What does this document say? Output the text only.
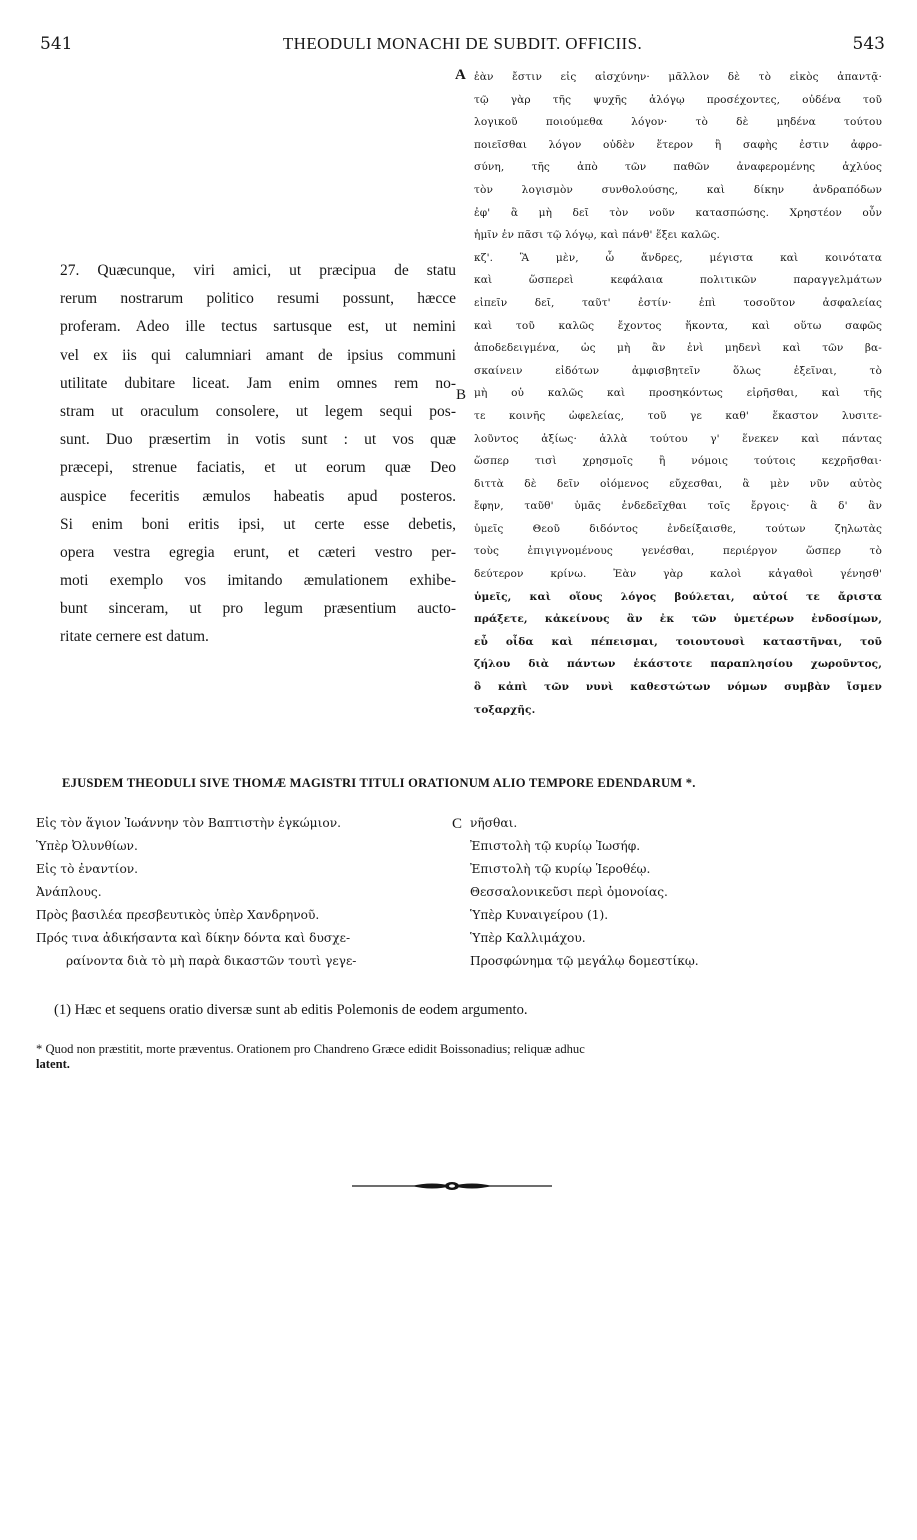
541	THEODULI MONACHI DE SUBDIT. OFFICIIS.	543
A
B
C
27. Quæcunque, viri amici, ut præcipua de statu
rerum nostrarum politico resumi possunt, hæcce
proferam. Adeo ille tectus sartusque est, ut nemini
vel ex iis qui calumniari amant de ipsius communi
utilitate dubitare liceat. Jam enim omnes rem no-
stram ut oraculum consolere, ut legem sequi pos-
sunt. Duo præsertim in votis sunt : ut vos quæ
præcepi, strenue faciatis, et ut eorum quæ Deo
auspice feceritis æmulos habeatis apud posteros.
Si enim boni eritis ipsi, ut certe esse debetis,
opera vestra egregia erunt, et cæteri vestro per-
moti exemplo vos imitando æmulationem exhibe-
bunt sinceram, ut pro legum præsentium aucto-
ritate cernere est datum.
ἐὰν ἔστιν εἰς αἰσχύνην· μᾶλλον δὲ τὸ εἰκὸς ἀπαντᾷ·
τῷ γὰρ τῆς ψυχῆς ἀλόγῳ προσέχοντες, οὐδένα τοῦ
λογικοῦ ποιούμεθα λόγον· τὸ δὲ μηδένα τούτου
ποιεῖσθαι λόγον οὐδὲν ἕτερον ἢ σαφὴς ἐστιν ἀφρο-
σύνη, τῆς ἀπὸ τῶν παθῶν ἀναφερομένης ἀχλύος
τὸν λογισμὸν συνθολούσης, καὶ δίκην ἀνδραπόδων
ἐφ' ἃ μὴ δεῖ τὸν νοῦν κατασπώσης. Χρηστέον οὖν
ἡμῖν ἐν πᾶσι τῷ λόγῳ, καὶ πάνθ' ἕξει καλῶς.
κζ'. Ἃ μὲν, ὦ ἄνδρες, μέγιστα καὶ κοινότατα
καὶ ὥσπερεὶ κεφάλαια πολιτικῶν παραγγελμάτων
εἰπεῖν δεῖ, ταῦτ' ἐστίν· ἐπὶ τοσοῦτον ἀσφαλείας
καὶ τοῦ καλῶς ἔχοντος ἥκοντα, καὶ οὕτω σαφῶς
ἀποδεδειγμένα, ὡς μὴ ἂν ἑνὶ μηδενὶ καὶ τῶν βα-
σκαίνειν εἰδότων ἀμφισβητεῖν ὅλως ἐξεῖναι, τὸ
μὴ οὐ καλῶς καὶ προσηκόντως εἰρῆσθαι, καὶ τῆς
τε κοινῆς ὠφελείας, τοῦ γε καθ' ἕκαστον λυσιτε-
λοῦντος ἀξίως· ἀλλὰ τούτου γ' ἕνεκεν καὶ πάντας
ὥσπερ τισὶ χρησμοῖς ἢ νόμοις τούτοις κεχρῆσθαι·
διττὰ δὲ δεῖν οἰόμενος εὔχεσθαι, ἃ μὲν νῦν αὐτὸς
ἔφην, ταῦθ' ὑμᾶς ἐνδεδεῖχθαι τοῖς ἔργοις· ἃ δ' ἂν
ὑμεῖς Θεοῦ διδόντος ἐνδείξαισθε, τούτων ζηλωτὰς
τοὺς ἐπιγιγνομένους γενέσθαι, περιέργον ὥσπερ τὸ
δεύτερον κρίνω. Ἐὰν γὰρ καλοὶ κἀγαθοὶ γένησθ'
ὑμεῖς, καὶ οἵους λόγος βούλεται, αὐτοί τε ἄριστα
πράξετε, κἀκείνους ἂν ἐκ τῶν ὑμετέρων ἐνδοσίμων,
εὖ οἶδα καὶ πέπεισμαι, τοιουτουσὶ καταστῆναι, τοῦ
ζήλου διὰ πάντων ἑκάστοτε παραπλησίου χωροῦντος,
ὃ κἀπὶ τῶν νυνὶ καθεστώτων νόμων συμβὰν ἴσμεν
τοξαρχῆς.
EJUSDEM THEODULI SIVE THOMÆ MAGISTRI TITULI ORATIONUM ALIO TEMPORE EDENDARUM *.
Εἰς τὸν ἅγιον Ἰωάννην τὸν Βαπτιστὴν ἐγκώμιον.
Ὑπὲρ Ὀλυνθίων.
Εἰς τὸ ἐναντίον.
Ἀνάπλους.
Πρὸς βασιλέα πρεσβευτικὸς ὑπὲρ Χανδρηνοῦ.
Πρός τινα ἀδικήσαντα καὶ δίκην δόντα καὶ δυσχε-
ραίνοντα διὰ τὸ μὴ παρὰ δικαστῶν τουτὶ γεγε-
νῆσθαι.
Ἐπιστολὴ τῷ κυρίῳ Ἰωσήφ.
Ἐπιστολὴ τῷ κυρίῳ Ἱεροθέῳ.
Θεσσαλονικεῦσι περὶ ὁμονοίας.
Ὑπὲρ Κυναιγείρου (1).
Ὑπὲρ Καλλιμάχου.
Προσφώνημα τῷ μεγάλῳ δομεστίκῳ.
(1) Hæc et sequens oratio diversæ sunt ab editis Polemonis de eodem argumento.
* Quod non præstitit, morte præventus. Orationem pro Chandreno Græce edidit Boissonadius; reliquæ adhuc
latent.
